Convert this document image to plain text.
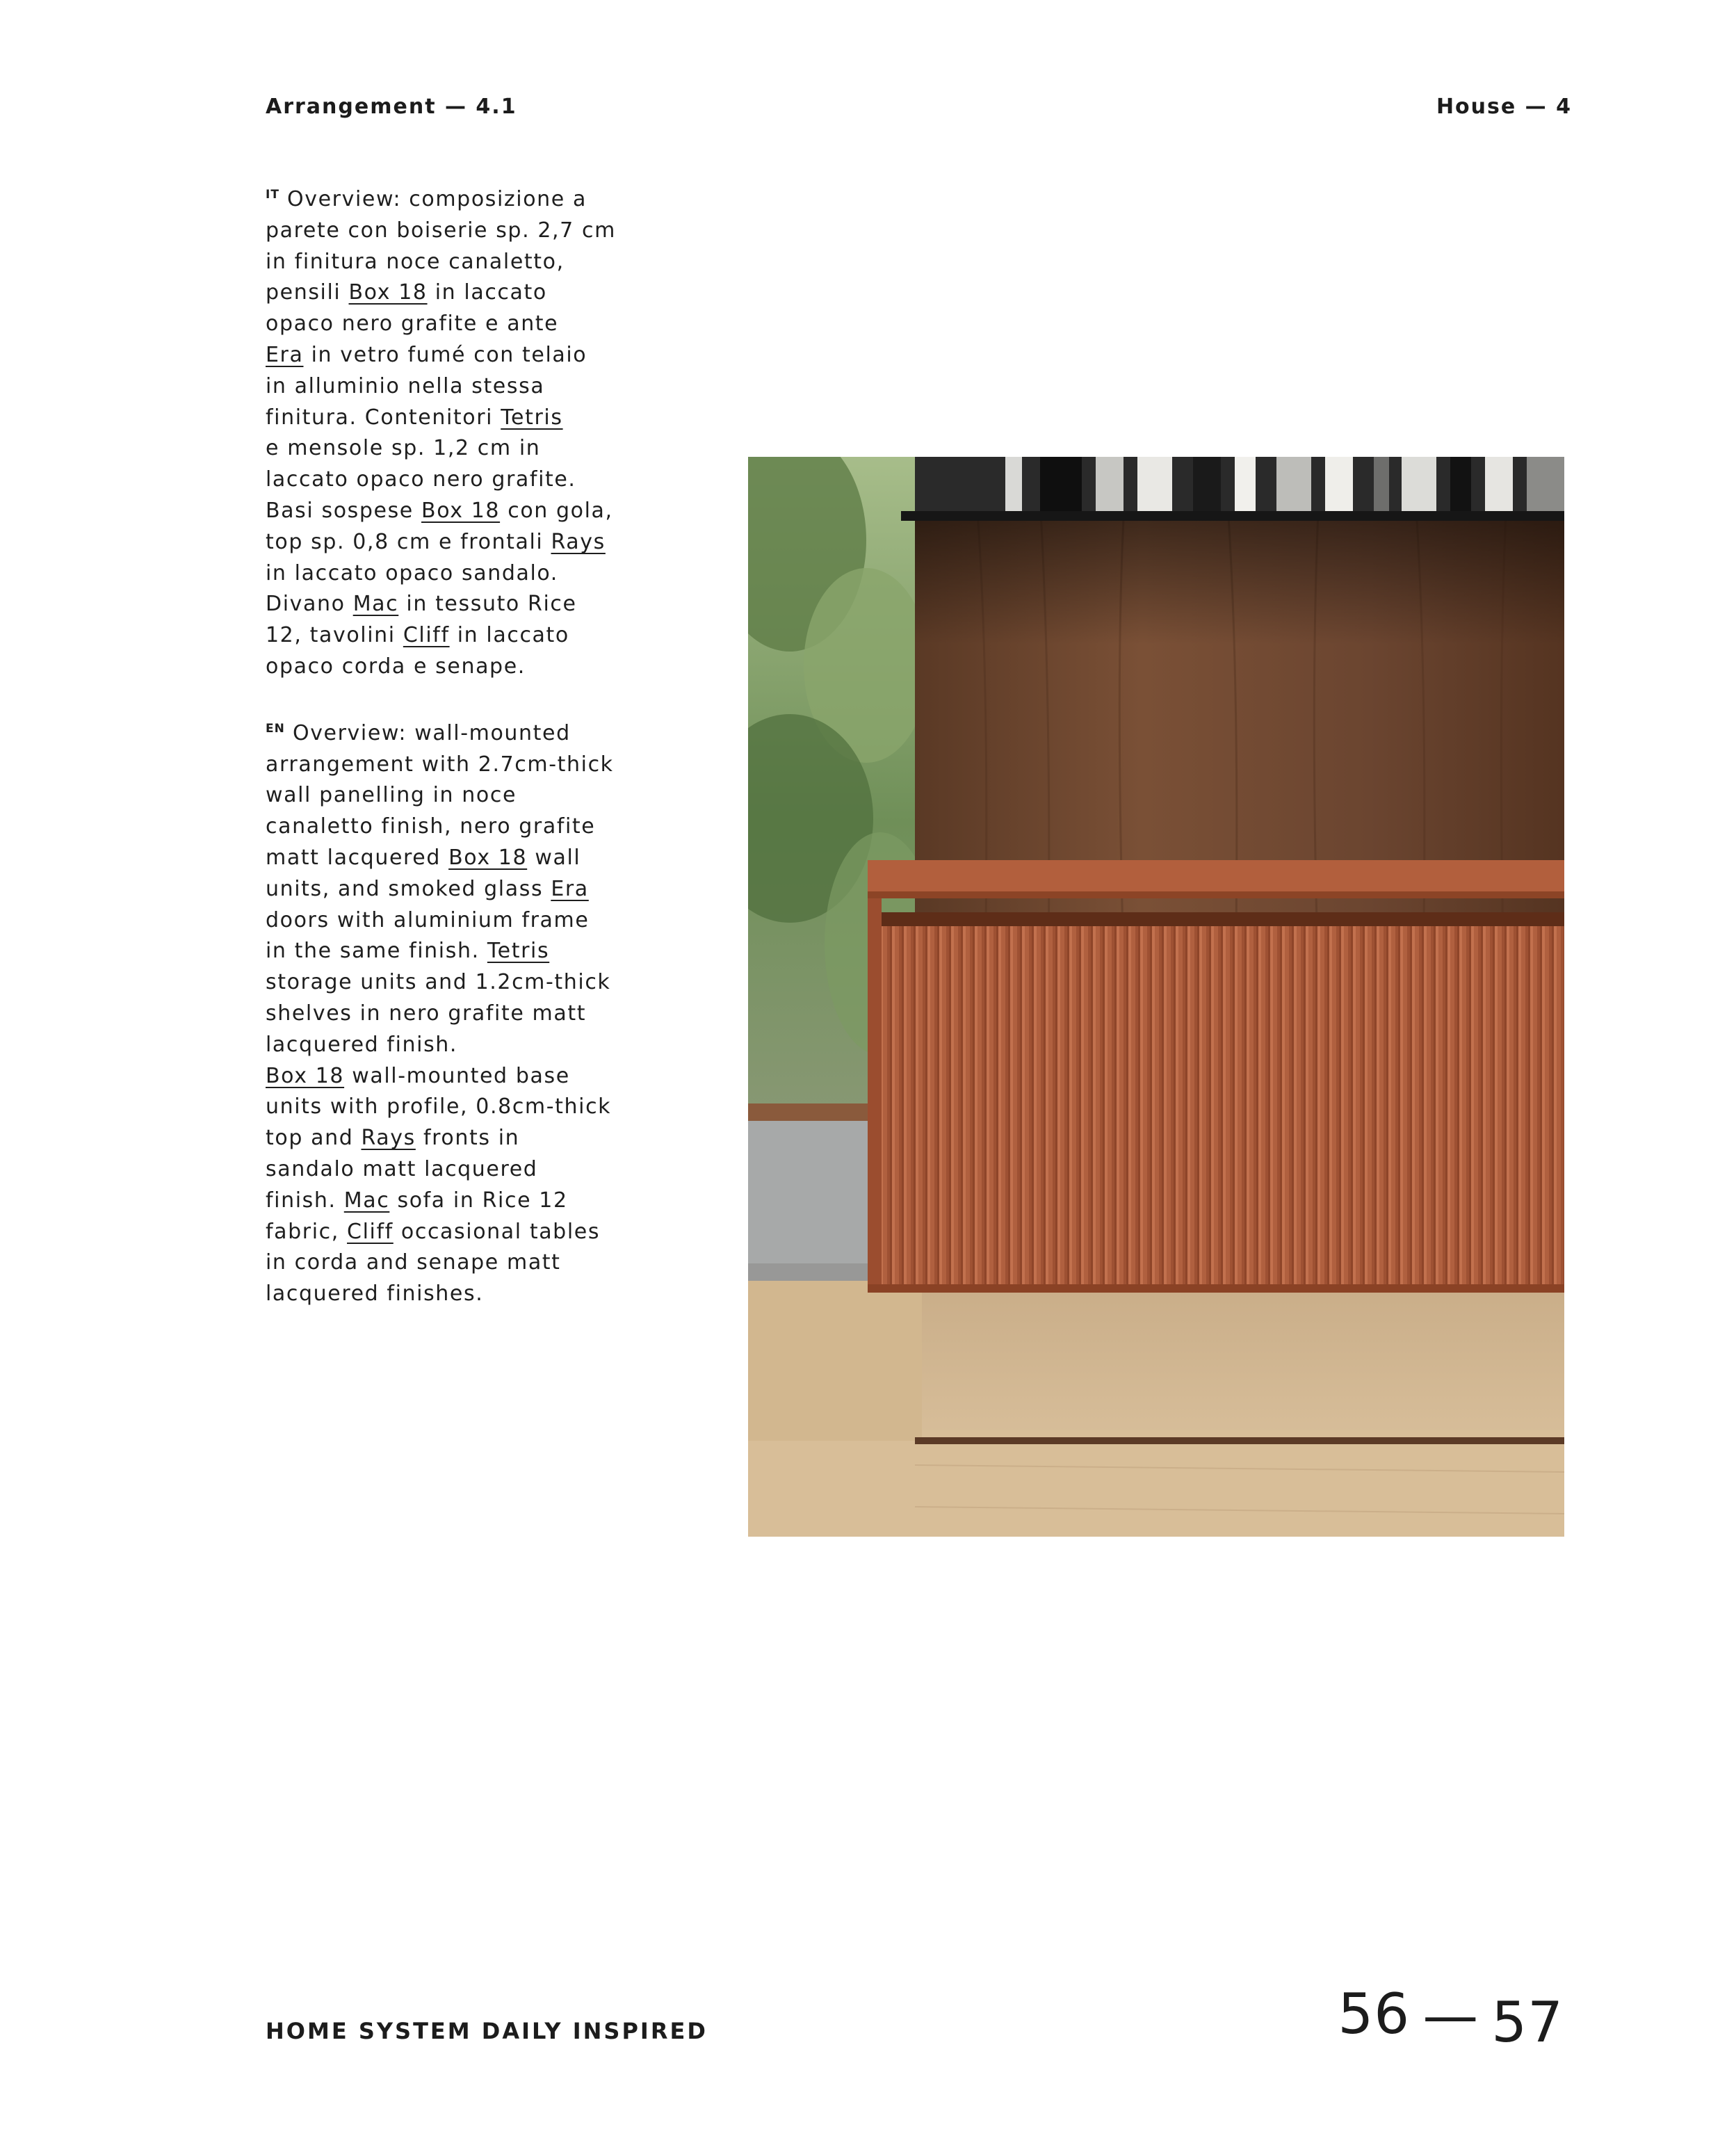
Arrangement — 4.1	House — 4

$^{IT}$ Overview: composizione a
parete con boiserie sp. 2,7 cm
in finitura noce canaletto,
pensili Box 18 in laccato
opaco nero grafite e ante
Era in vetro fumé con telaio
in alluminio nella stessa
finitura. Contenitori Tetris
e mensole sp. 1,2 cm in
laccato opaco nero grafite.
Basi sospese Box 18 con gola,
top sp. 0,8 cm e frontali Rays
in laccato opaco sandalo.
Divano Mac in tessuto Rice
12, tavolini Cliff in laccato
opaco corda e senape.

$^{EN}$ Overview: wall-mounted
arrangement with 2.7cm-thick
wall panelling in noce
canaletto finish, nero grafite
matt lacquered Box 18 wall
units, and smoked glass Era
doors with aluminium frame
in the same finish. Tetris
storage units and 1.2cm-thick
shelves in nero grafite matt
lacquered finish.
Box 18 wall-mounted base
units with profile, 0.8cm-thick
top and Rays fronts in
sandalo matt lacquered
finish. Mac sofa in Rice 12
fabric, Cliff occasional tables
in corda and senape matt
lacquered finishes.

HOME SYSTEM DAILY INSPIRED	56 — 57
